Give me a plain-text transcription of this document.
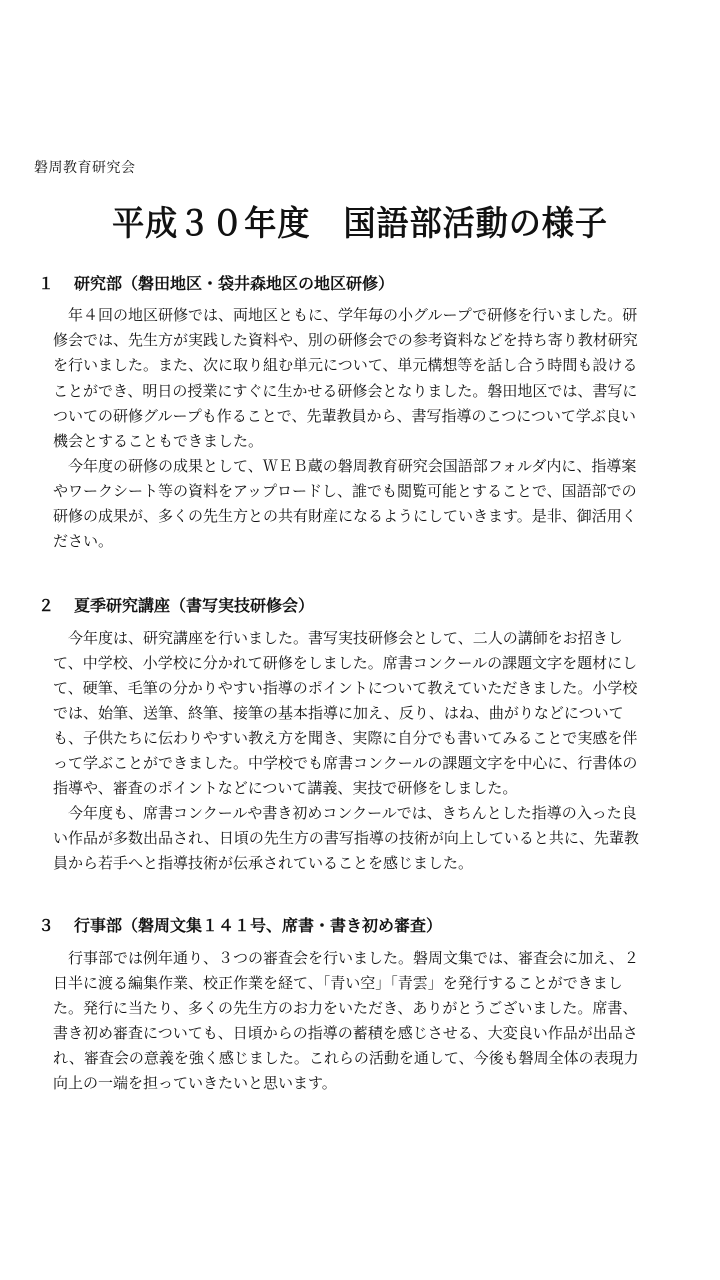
磐周教育研究会
平成３０年度　国語部活動の様子
１ 研究部（磐田地区・袋井森地区の地区研修）
　年４回の地区研修では、両地区ともに、学年毎の小グループで研修を行いました。研
修会では、先生方が実践した資料や、別の研修会での参考資料などを持ち寄り教材研究
を行いました。また、次に取り組む単元について、単元構想等を話し合う時間も設ける
ことができ、明日の授業にすぐに生かせる研修会となりました。磐田地区では、書写に
ついての研修グループも作ることで、先輩教員から、書写指導のこつについて学ぶ良い
機会とすることもできました。
　今年度の研修の成果として、ＷＥＢ蔵の磐周教育研究会国語部フォルダ内に、指導案
やワークシート等の資料をアップロードし、誰でも閲覧可能とすることで、国語部での
研修の成果が、多くの先生方との共有財産になるようにしていきます。是非、御活用く
ださい。
２ 夏季研究講座（書写実技研修会）
　今年度は、研究講座を行いました。書写実技研修会として、二人の講師をお招きし
て、中学校、小学校に分かれて研修をしました。席書コンクールの課題文字を題材にし
て、硬筆、毛筆の分かりやすい指導のポイントについて教えていただきました。小学校
では、始筆、送筆、終筆、接筆の基本指導に加え、反り、はね、曲がりなどについて
も、子供たちに伝わりやすい教え方を聞き、実際に自分でも書いてみることで実感を伴
って学ぶことができました。中学校でも席書コンクールの課題文字を中心に、行書体の
指導や、審査のポイントなどについて講義、実技で研修をしました。
　今年度も、席書コンクールや書き初めコンクールでは、きちんとした指導の入った良
い作品が多数出品され、日頃の先生方の書写指導の技術が向上していると共に、先輩教
員から若手へと指導技術が伝承されていることを感じました。
３ 行事部（磐周文集１４１号、席書・書き初め審査）
　行事部では例年通り、３つの審査会を行いました。磐周文集では、審査会に加え、２
日半に渡る編集作業、校正作業を経て、「青い空」「青雲」を発行することができまし
た。発行に当たり、多くの先生方のお力をいただき、ありがとうございました。席書、
書き初め審査についても、日頃からの指導の蓄積を感じさせる、大変良い作品が出品さ
れ、審査会の意義を強く感じました。これらの活動を通して、今後も磐周全体の表現力
向上の一端を担っていきたいと思います。
